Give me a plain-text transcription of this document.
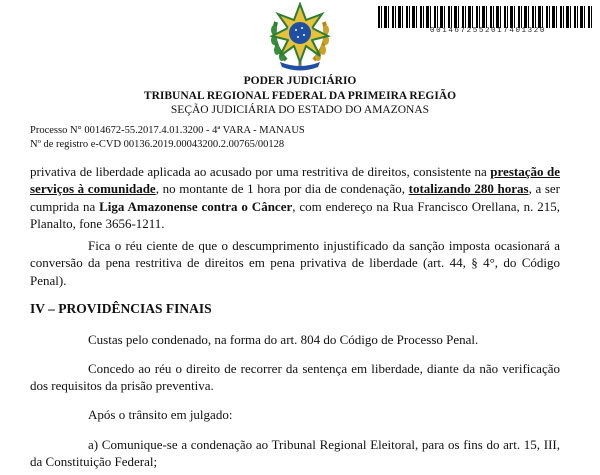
0014672552017401320
PODER JUDICIÁRIO
TRIBUNAL REGIONAL FEDERAL DA PRIMEIRA REGIÃO
SEÇÃO JUDICIÁRIA DO ESTADO DO AMAZONAS
Processo N° 0014672-55.2017.4.01.3200 - 4ª VARA - MANAUS
Nº de registro e-CVD 00136.2019.00043200.2.00765/00128

privativa de liberdade aplicada ao acusado por uma restritiva de direitos, consistente na prestação de serviços à comunidade, no montante de 1 hora por dia de condenação, totalizando 280 horas, a ser cumprida na Liga Amazonense contra o Câncer, com endereço na Rua Francisco Orellana, n. 215, Planalto, fone 3656-1211.

Fica o réu ciente de que o descumprimento injustificado da sanção imposta ocasionará a conversão da pena restritiva de direitos em pena privativa de liberdade (art. 44, § 4°, do Código Penal).

IV – PROVIDÊNCIAS FINAIS

Custas pelo condenado, na forma do art. 804 do Código de Processo Penal.

Concedo ao réu o direito de recorrer da sentença em liberdade, diante da não verificação dos requisitos da prisão preventiva.

Após o trânsito em julgado:

a) Comunique-se a condenação ao Tribunal Regional Eleitoral, para os fins do art. 15, III, da Constituição Federal;
